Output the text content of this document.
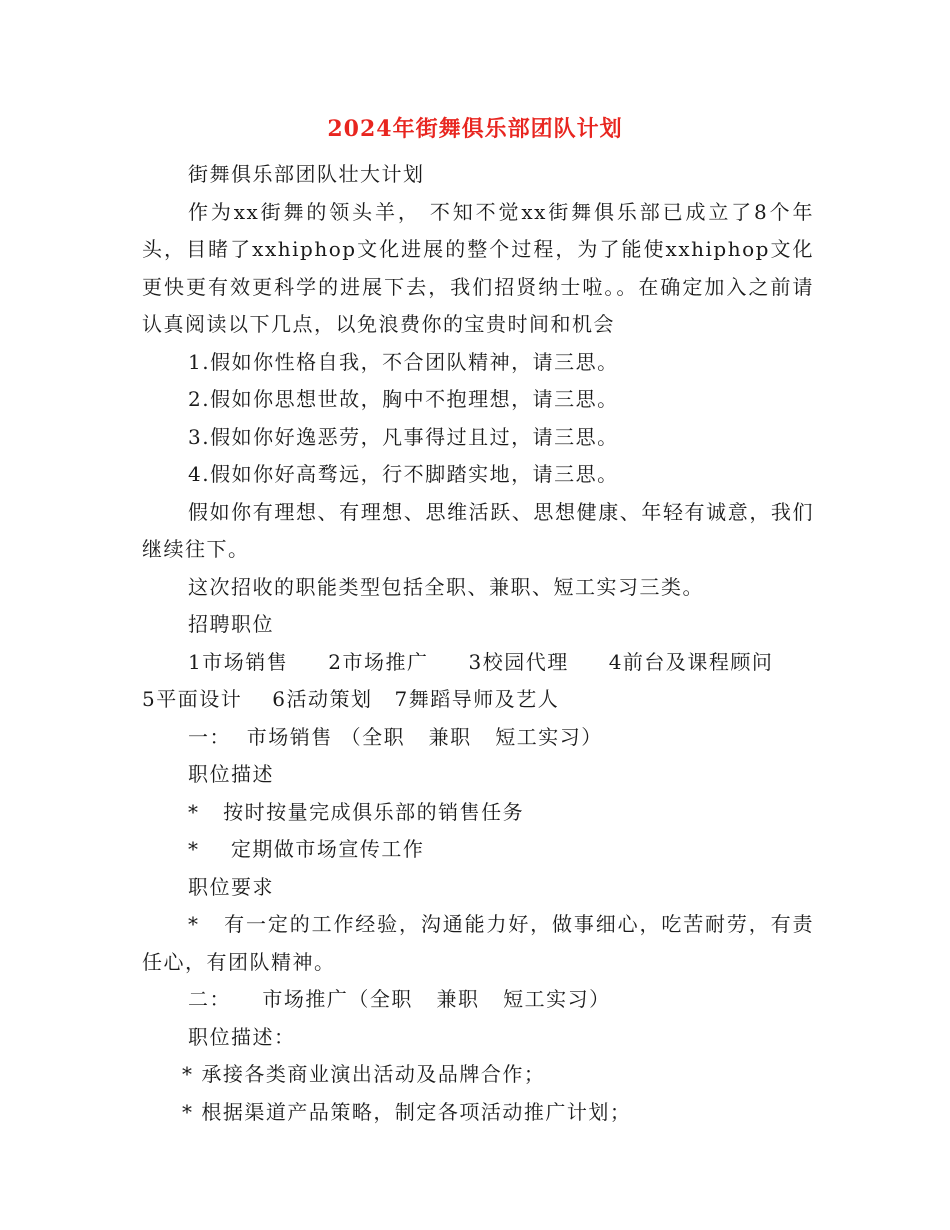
2024年街舞俱乐部团队计划

街舞俱乐部团队壮大计划

作为xx街舞的领头羊， 不知不觉xx街舞俱乐部已成立了8个年头，目睹了xxhiphop文化进展的整个过程，为了能使xxhiphop文化更快更有效更科学的进展下去，我们招贤纳士啦。。在确定加入之前请认真阅读以下几点，以免浪费你的宝贵时间和机会

1.假如你性格自我，不合团队精神，请三思。

2.假如你思想世故，胸中不抱理想，请三思。

3.假如你好逸恶劳，凡事得过且过，请三思。

4.假如你好高骛远，行不脚踏实地，请三思。

假如你有理想、有理想、思维活跃、思想健康、年轻有诚意，我们继续往下。

这次招收的职能类型包括全职、兼职、短工实习三类。

招聘职位

1市场销售 2市场推广 3校园代理 4前台及课程顾问

5平面设计 6活动策划 7舞蹈导师及艺人

一：  市场销售 （全职   兼职   短工实习）

职位描述

*   按时按量完成俱乐部的销售任务

*    定期做市场宣传工作

职位要求

*   有一定的工作经验，沟通能力好，做事细心，吃苦耐劳，有责任心，有团队精神。

二：    市场推广（全职   兼职   短工实习）

职位描述：

* 承接各类商业演出活动及品牌合作；

* 根据渠道产品策略，制定各项活动推广计划；
